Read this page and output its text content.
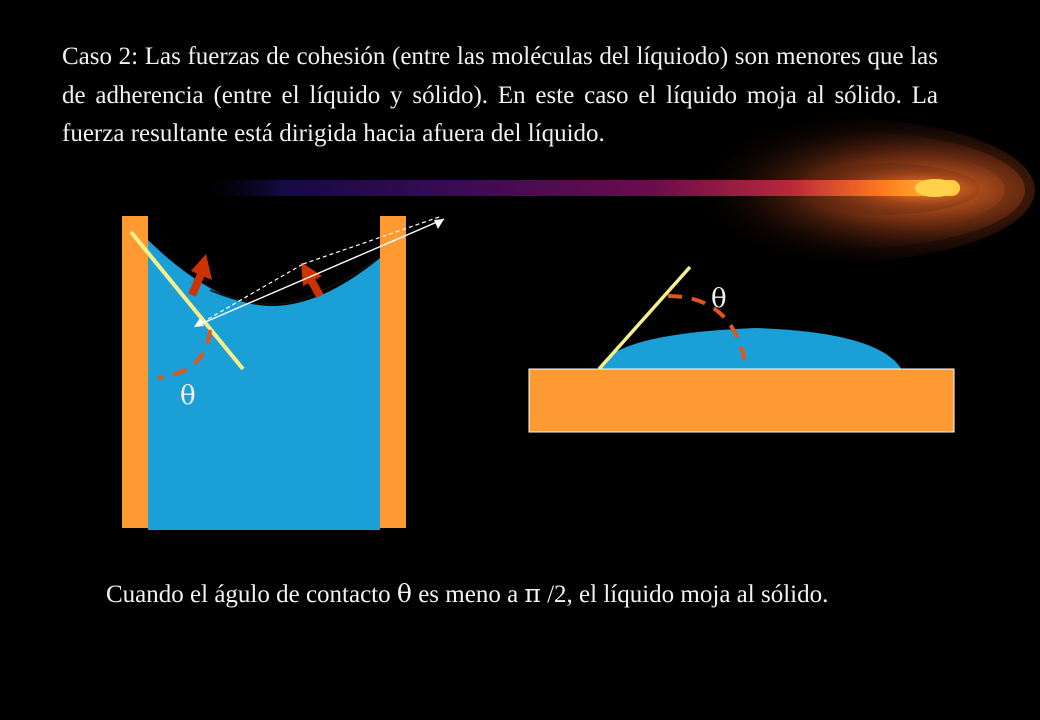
θ
θ

Caso 2: Las fuerzas de cohesión (entre las moléculas del líquiodo) son menores que las de adherencia (entre el líquido y sólido). En este caso el líquido moja al sólido. La fuerza resultante está dirigida hacia afuera del líquido.

Cuando el águlo de contacto θ es meno a π /2, el líquido moja al sólido.
